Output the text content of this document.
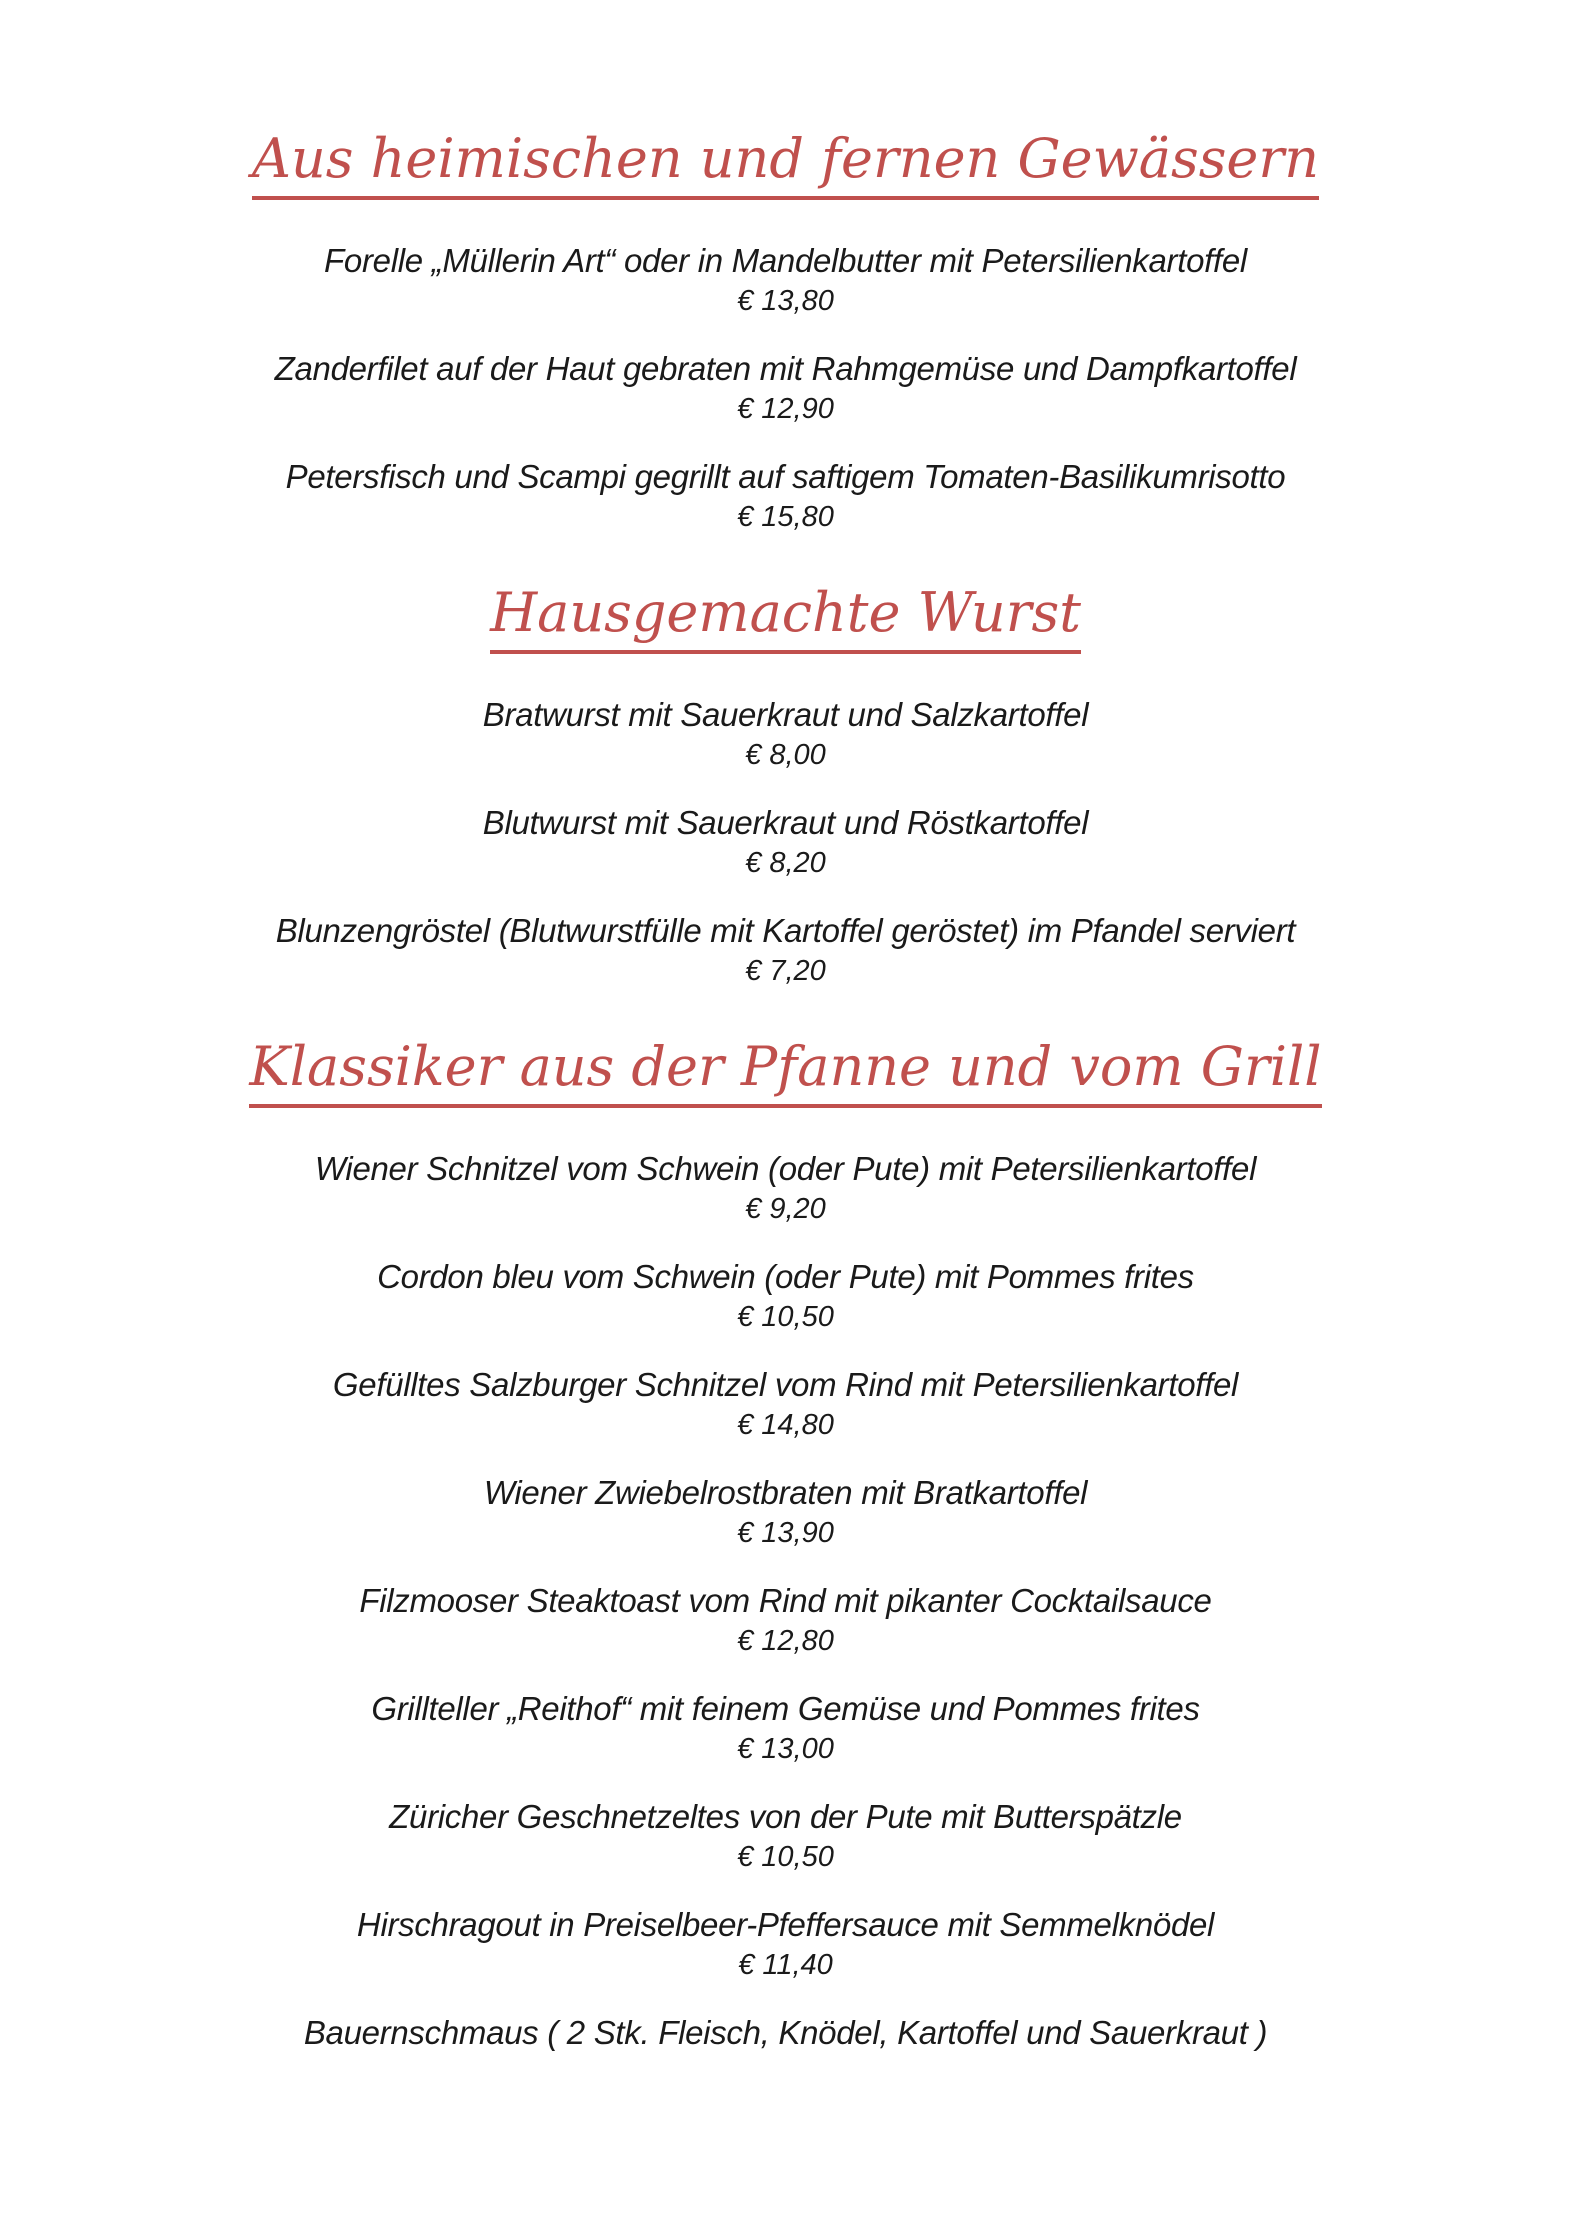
Aus heimischen und fernen Gewässern
Forelle „Müllerin Art“ oder in Mandelbutter mit Petersilienkartoffel
€ 13,80
Zanderfilet auf der Haut gebraten mit Rahmgemüse und Dampfkartoffel
€ 12,90
Petersfisch und Scampi gegrillt auf saftigem Tomaten-Basilikumrisotto
€ 15,80
Hausgemachte Wurst
Bratwurst mit Sauerkraut und Salzkartoffel
€ 8,00
Blutwurst mit Sauerkraut und Röstkartoffel
€ 8,20
Blunzengröstel (Blutwurstfülle mit Kartoffel geröstet) im Pfandel serviert
€ 7,20
Klassiker aus der Pfanne und vom Grill
Wiener Schnitzel vom Schwein (oder Pute) mit Petersilienkartoffel
€ 9,20
Cordon bleu vom Schwein (oder Pute) mit Pommes frites
€ 10,50
Gefülltes Salzburger Schnitzel vom Rind mit Petersilienkartoffel
€ 14,80
Wiener Zwiebelrostbraten mit Bratkartoffel
€ 13,90
Filzmooser Steaktoast vom Rind mit pikanter Cocktailsauce
€ 12,80
Grillteller „Reithof“ mit feinem Gemüse und Pommes frites
€ 13,00
Züricher Geschnetzeltes von der Pute mit Butterspätzle
€ 10,50
Hirschragout in Preiselbeer-Pfeffersauce mit Semmelknödel
€ 11,40
Bauernschmaus ( 2 Stk. Fleisch, Knödel, Kartoffel und Sauerkraut )
